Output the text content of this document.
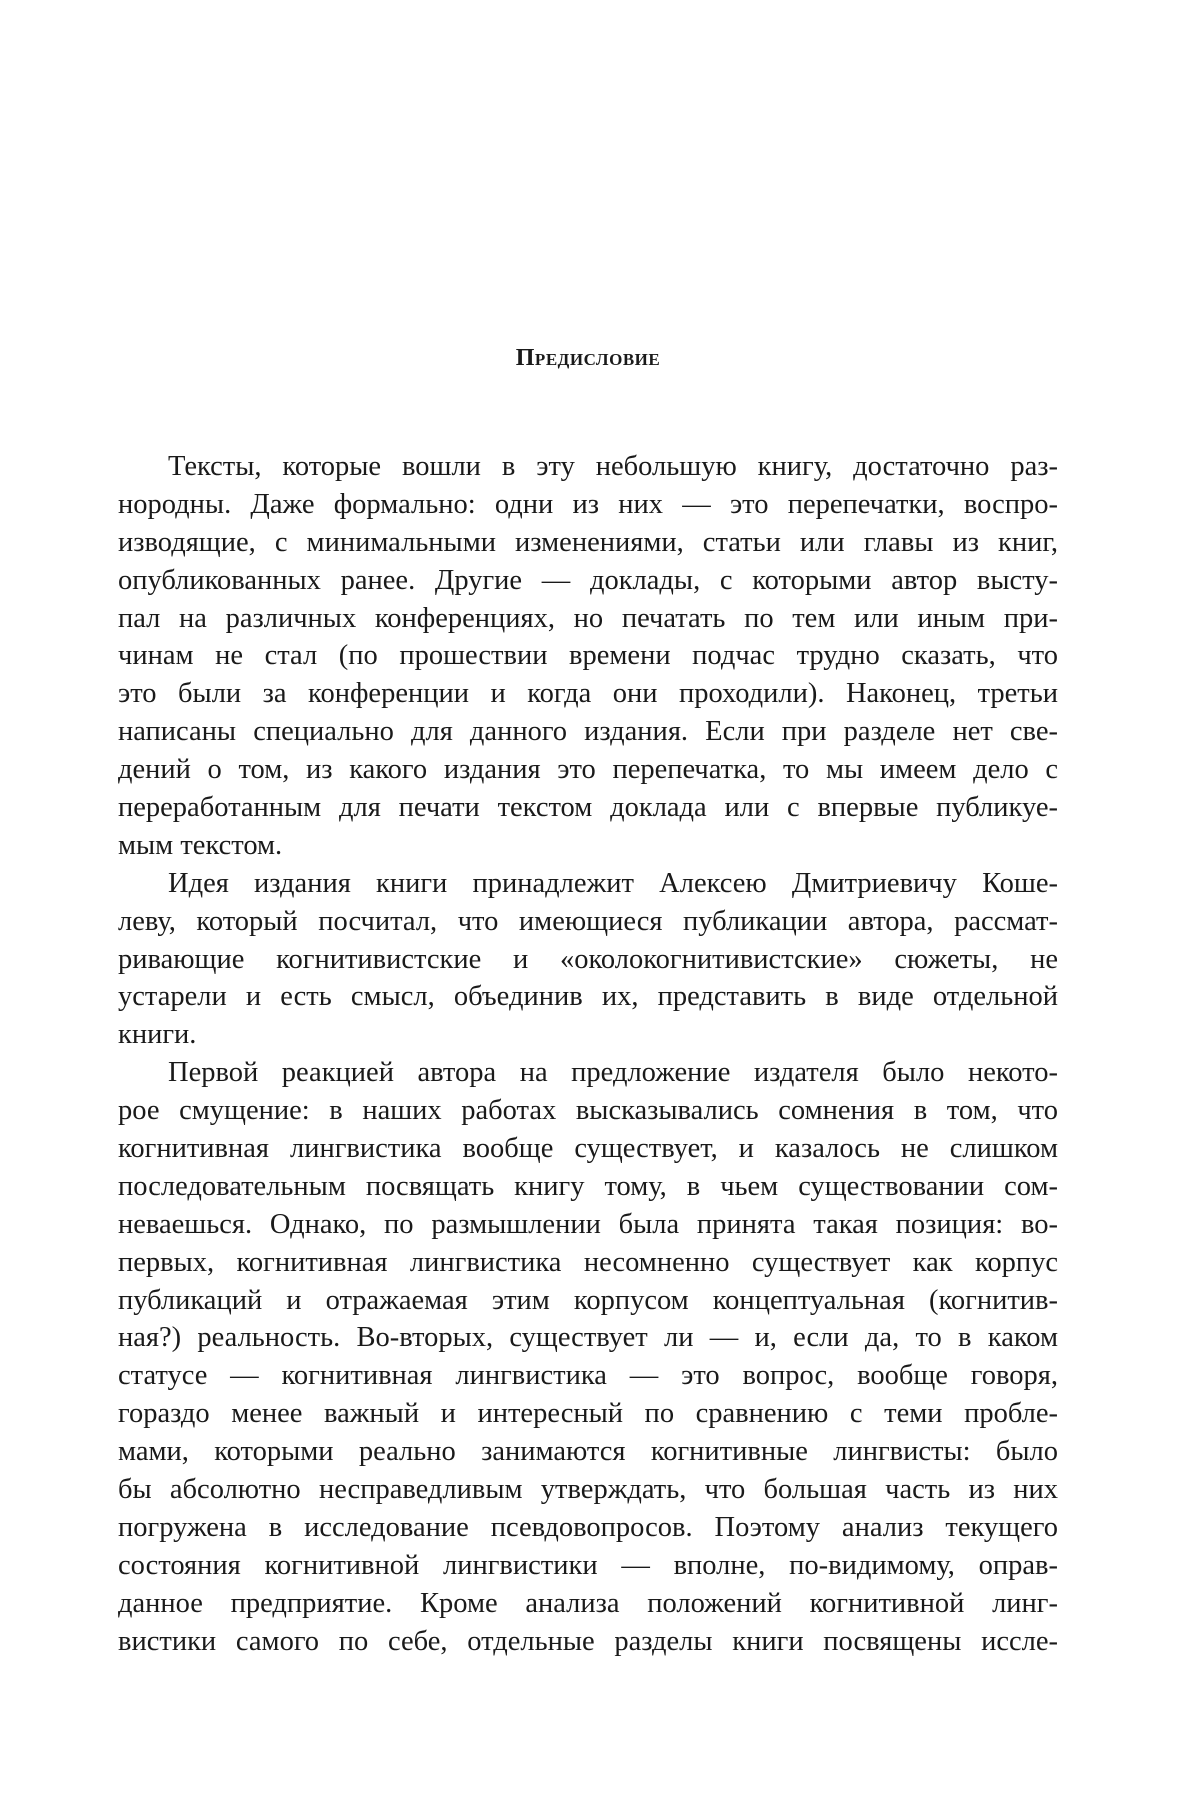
Предисловие
Тексты, которые вошли в эту небольшую книгу, достаточно раз-
нородны. Даже формально: одни из них — это перепечатки, воспро-
изводящие, с минимальными изменениями, статьи или главы из книг,
опубликованных ранее. Другие — доклады, с которыми автор высту-
пал на различных конференциях, но печатать по тем или иным при-
чинам не стал (по прошествии времени подчас трудно сказать, что
это были за конференции и когда они проходили). Наконец, третьи
написаны специально для данного издания. Если при разделе нет све-
дений о том, из какого издания это перепечатка, то мы имеем дело с
переработанным для печати текстом доклада или с впервые публикуе-
мым текстом.
Идея издания книги принадлежит Алексею Дмитриевичу Коше-
леву, который посчитал, что имеющиеся публикации автора, рассмат-
ривающие когнитивистские и «околокогнитивистские» сюжеты, не
устарели и есть смысл, объединив их, представить в виде отдельной
книги.
Первой реакцией автора на предложение издателя было некото-
рое смущение: в наших работах высказывались сомнения в том, что
когнитивная лингвистика вообще существует, и казалось не слишком
последовательным посвящать книгу тому, в чьем существовании сом-
неваешься. Однако, по размышлении была принята такая позиция: во-
первых, когнитивная лингвистика несомненно существует как корпус
публикаций и отражаемая этим корпусом концептуальная (когнитив-
ная?) реальность. Во-вторых, существует ли — и, если да, то в каком
статусе — когнитивная лингвистика — это вопрос, вообще говоря,
гораздо менее важный и интересный по сравнению с теми пробле-
мами, которыми реально занимаются когнитивные лингвисты: было
бы абсолютно несправедливым утверждать, что большая часть из них
погружена в исследование псевдовопросов. Поэтому анализ текущего
состояния когнитивной лингвистики — вполне, по-видимому, оправ-
данное предприятие. Кроме анализа положений когнитивной линг-
вистики самого по себе, отдельные разделы книги посвящены иссле-
